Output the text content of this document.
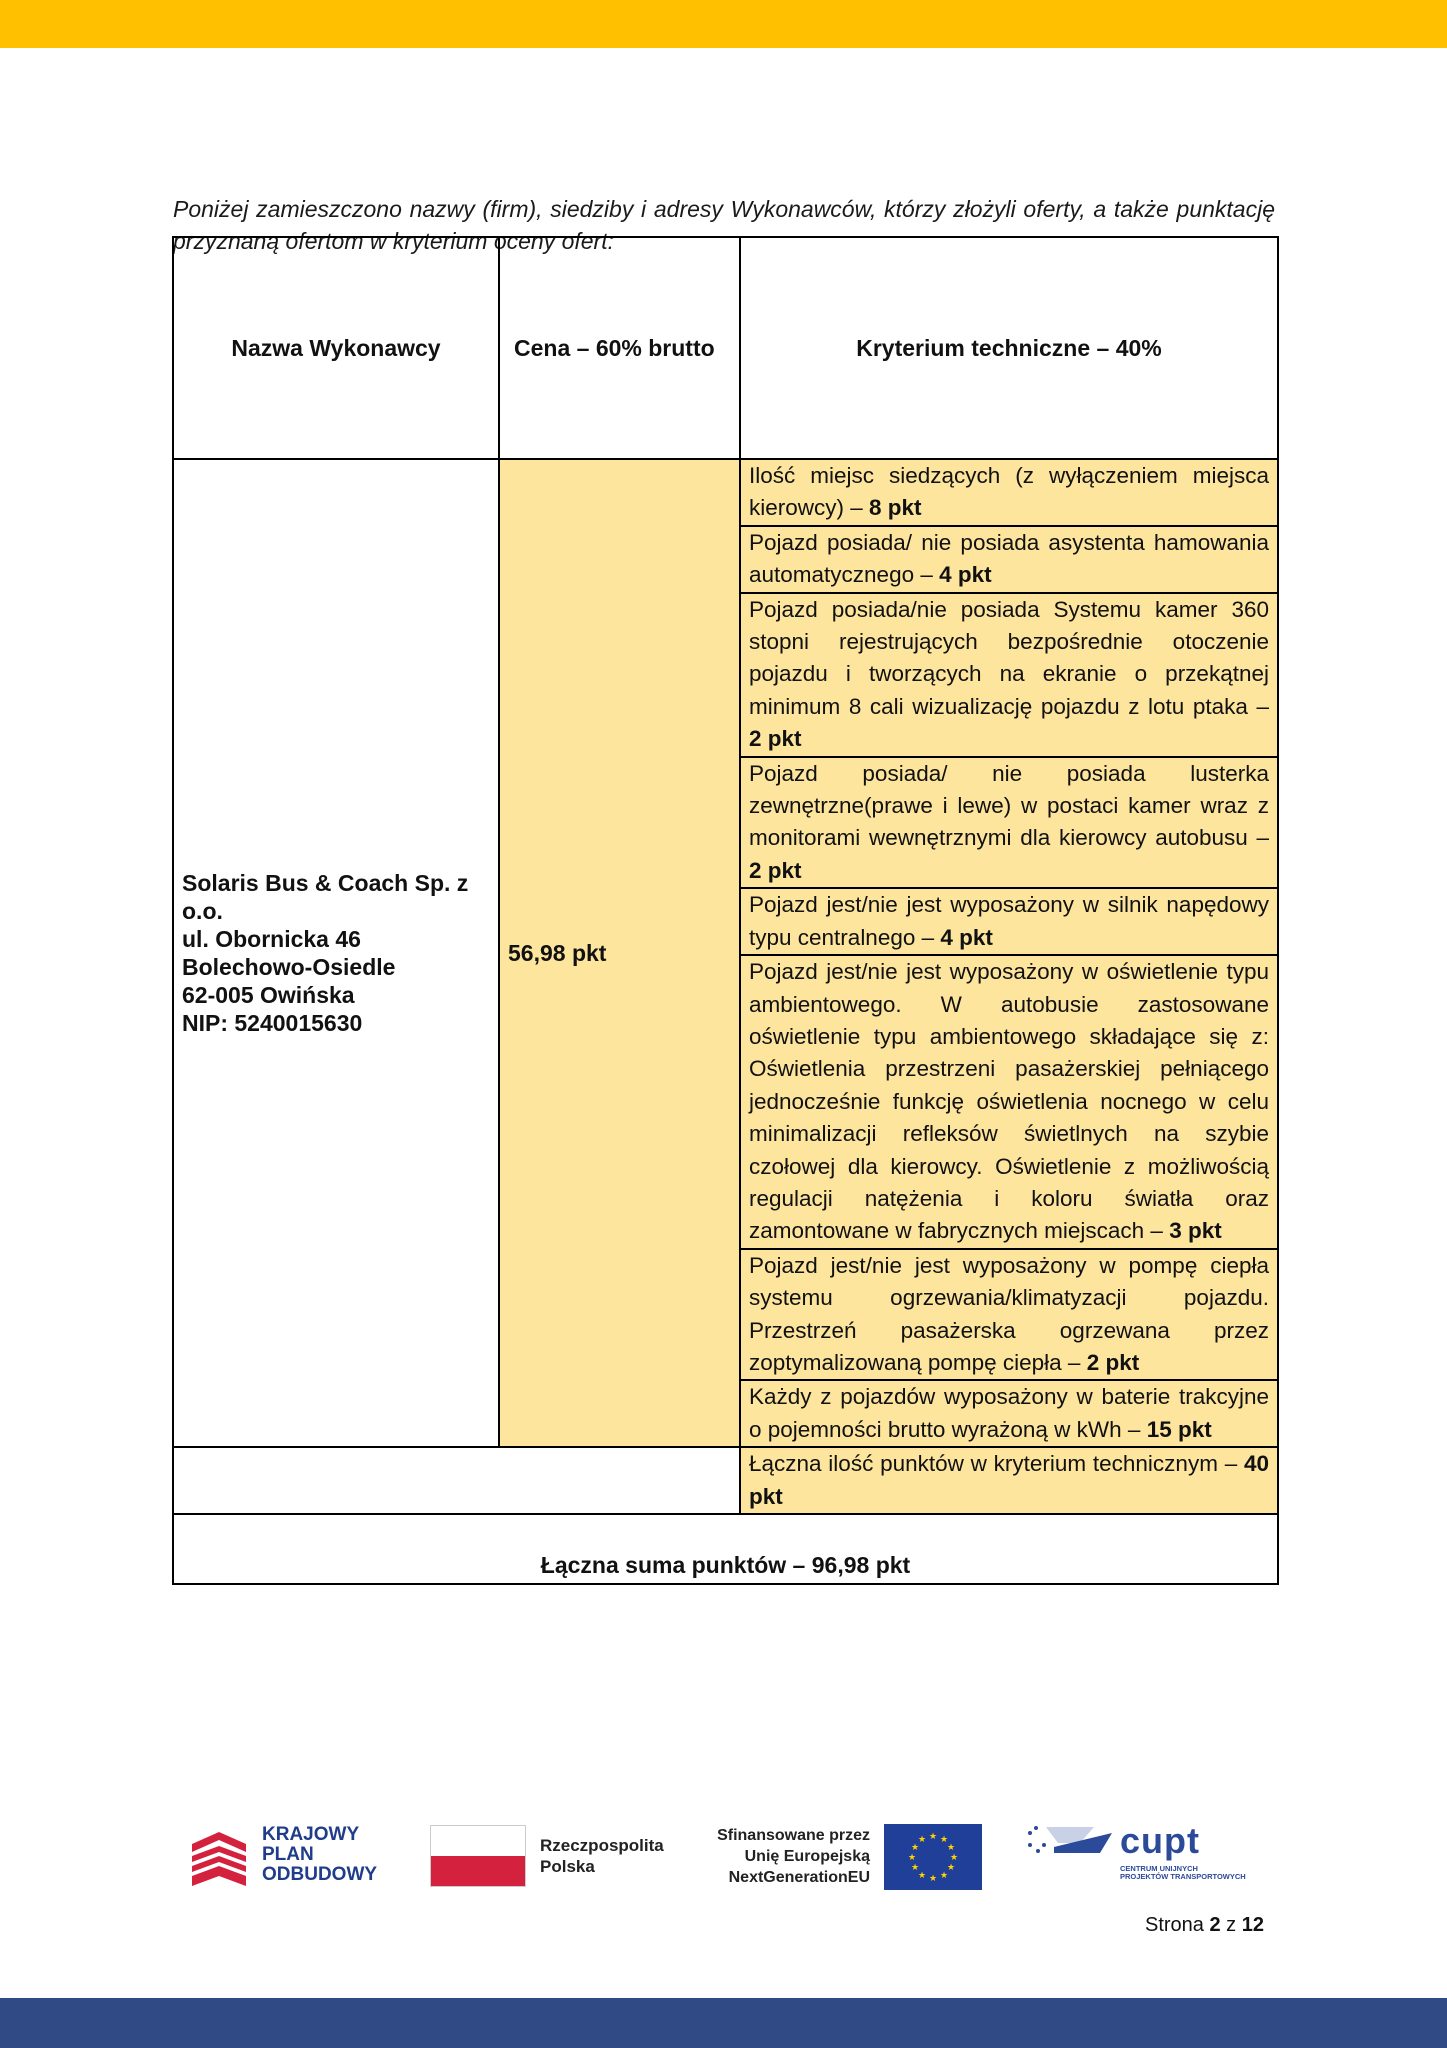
Poniżej zamieszczono nazwy (firm), siedziby i adresy Wykonawców, którzy złożyli oferty, a także punktację przyznaną ofertom w kryterium oceny ofert:

Nazwa Wykonawcy	Cena – 60% brutto	Kryterium techniczne – 40%

Solaris Bus & Coach Sp. z o.o.
ul. Obornicka 46
Bolechowo-Osiedle
62-005 Owińska
NIP: 5240015630	56,98 pkt	Ilość miejsc siedzących (z wyłączeniem miejsca kierowcy) – 8 pkt
		Pojazd posiada/ nie posiada asystenta hamowania automatycznego – 4 pkt
		Pojazd posiada/nie posiada Systemu kamer 360 stopni rejestrujących bezpośrednie otoczenie pojazdu i tworzących na ekranie o przekątnej minimum 8 cali wizualizację pojazdu z lotu ptaka – 2 pkt
		Pojazd posiada/ nie posiada lusterka zewnętrzne(prawe i lewe) w postaci kamer wraz z monitorami wewnętrznymi dla kierowcy autobusu – 2 pkt
		Pojazd jest/nie jest wyposażony w silnik napędowy typu centralnego – 4 pkt
		Pojazd jest/nie jest wyposażony w oświetlenie typu ambientowego. W autobusie zastosowane oświetlenie typu ambientowego składające się z: Oświetlenia przestrzeni pasażerskiej pełniącego jednocześnie funkcję oświetlenia nocnego w celu minimalizacji refleksów świetlnych na szybie czołowej dla kierowcy. Oświetlenie z możliwością regulacji natężenia i koloru światła oraz zamontowane w fabrycznych miejscach – 3 pkt
		Pojazd jest/nie jest wyposażony w pompę ciepła systemu ogrzewania/klimatyzacji pojazdu. Przestrzeń pasażerska ogrzewana przez zoptymalizowaną pompę ciepła – 2 pkt
		Każdy z pojazdów wyposażony w baterie trakcyjne o pojemności brutto wyrażoną w kWh – 15 pkt
		Łączna ilość punktów w kryterium technicznym – 40 pkt
Łączna suma punktów – 96,98 pkt		
KRAJOWY
PLAN
ODBUDOWY
Rzeczpospolita
Polska
Sfinansowane przez
Unię Europejską
NextGenerationEU
★ ★
★
★
★
★
★
★
★
★
★
★	cupt
CENTRUM UNIJNYCH
PROJEKTÓW TRANSPORTOWYCH
Strona 2 z 12
